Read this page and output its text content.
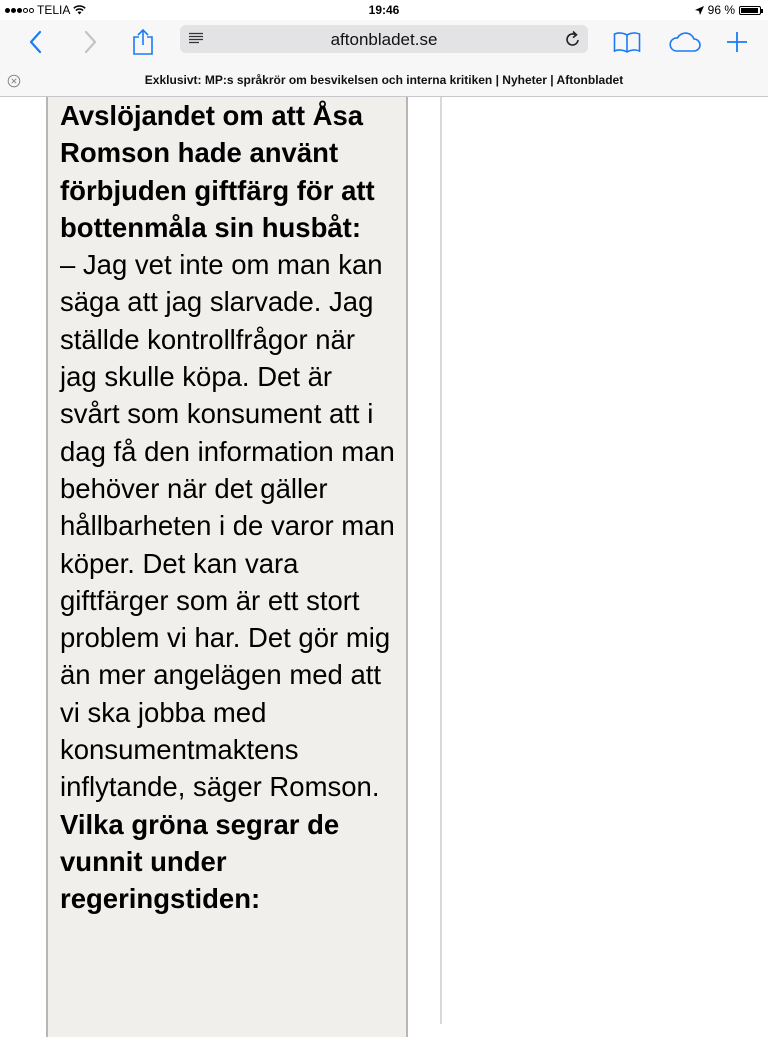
TELIA	19:46	96 %
aftonbladet.se
Exklusivt: MP:s språkrör om besvikelsen och interna kritiken | Nyheter | Aftonbladet

Avslöjandet om att Åsa Romson hade använt förbjuden giftfärg för att bottenmåla sin husbåt:

– Jag vet inte om man kan säga att jag slarvade. Jag ställde kontrollfrågor när jag skulle köpa. Det är svårt som konsument att i dag få den information man behöver när det gäller hållbarheten i de varor man köper. Det kan vara giftfärger som är ett stort problem vi har. Det gör mig än mer angelägen med att vi ska jobba med konsumentmaktens inflytande, säger Romson.

Vilka gröna segrar de vunnit under regeringstiden:
